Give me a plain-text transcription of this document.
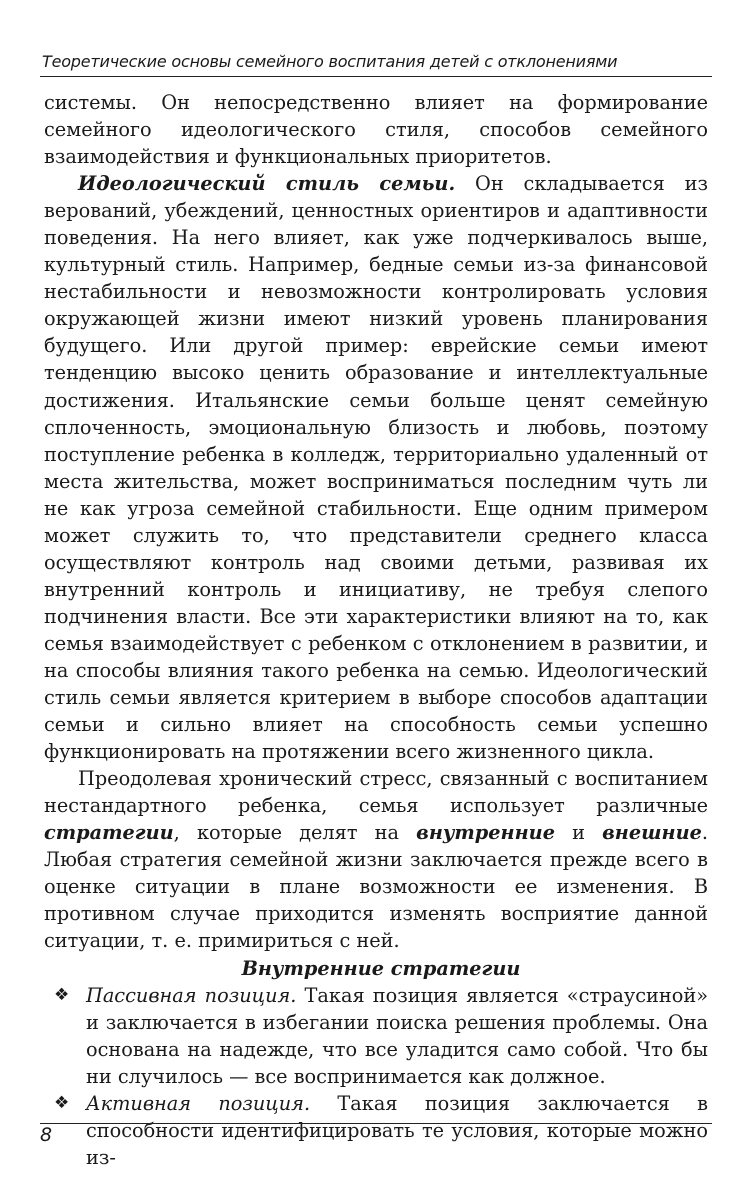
Теоретические основы семейного воспитания детей с отклонениями

системы. Он непосредственно влияет на формирование семейного идеологического стиля, способов семейного взаимодействия и функциональных приоритетов.

Идеологический стиль семьи. Он складывается из верований, убеждений, ценностных ориентиров и адаптивности поведения. На него влияет, как уже подчеркивалось выше, культурный стиль. Например, бедные семьи из-за финансовой нестабильности и невозможности контролировать условия окружающей жизни имеют низкий уровень планирования будущего. Или другой пример: еврейские семьи имеют тенденцию высоко ценить образование и интеллектуальные достижения. Итальянские семьи больше ценят семейную сплоченность, эмоциональную близость и любовь, поэтому поступление ребенка в колледж, территориально удаленный от места жительства, может восприниматься последним чуть ли не как угроза семейной стабильности. Еще одним примером может служить то, что представители среднего класса осуществляют контроль над своими детьми, развивая их внутренний контроль и инициативу, не требуя слепого подчинения власти. Все эти характеристики влияют на то, как семья взаимодействует с ребенком с отклонением в развитии, и на способы влияния такого ребенка на семью. Идеологический стиль семьи является критерием в выборе способов адаптации семьи и сильно влияет на способность семьи успешно функционировать на протяжении всего жизненного цикла.

Преодолевая хронический стресс, связанный с воспитанием нестандартного ребенка, семья использует различные стратегии, которые делят на внутренние и внешние. Любая стратегия семейной жизни заключается прежде всего в оценке ситуации в плане возможности ее изменения. В противном случае приходится изменять восприятие данной ситуации, т. е. примириться с ней.

Внутренние стратегии

❖ Пассивная позиция. Такая позиция является «страусиной» и заключается в избегании поиска решения проблемы. Она основана на надежде, что все уладится само собой. Что бы ни случилось — все воспринимается как должное.

❖ Активная позиция. Такая позиция заключается в способности идентифицировать те условия, которые можно из-

8
